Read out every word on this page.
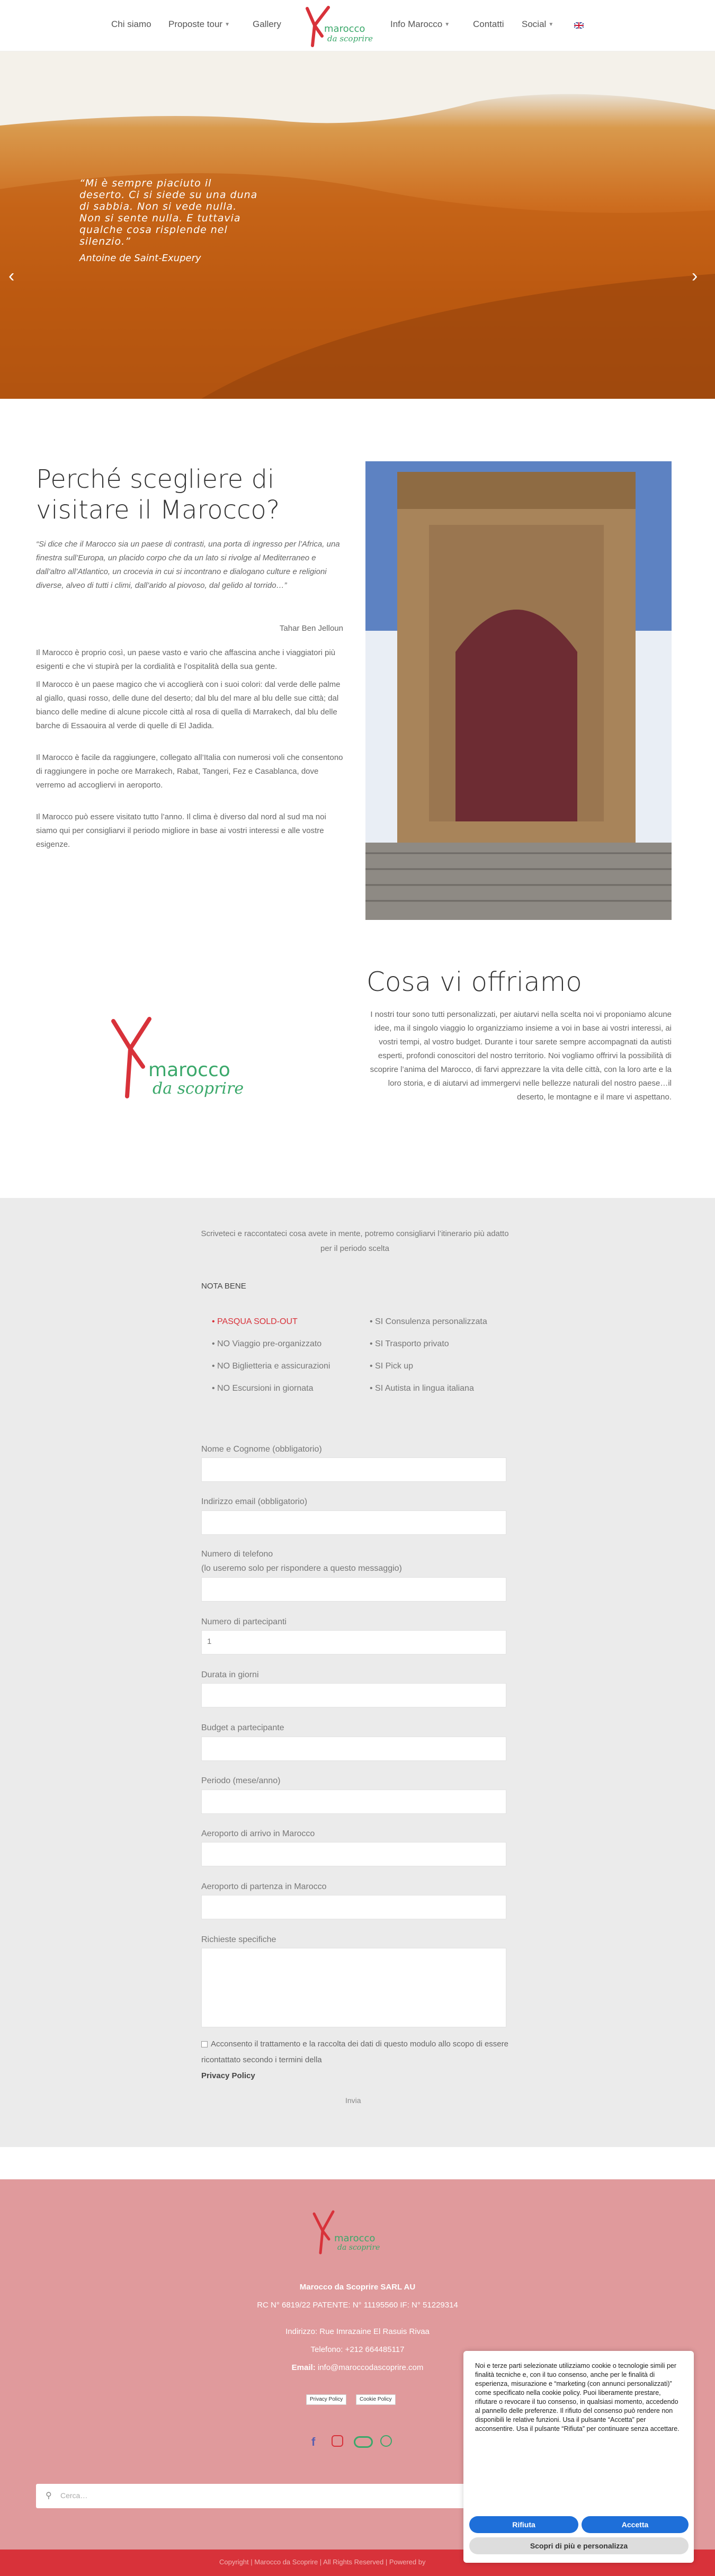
Chi siamo Proposte tour ▼	Gallery	marocco
da scoprire
Info Marocco ▼	Contatti Social ▼
“Mi è sempre piaciuto il deserto. Ci si siede su una duna di sabbia. Non si vede nulla. Non si sente nulla. E tuttavia qualche cosa risplende nel silenzio.”
Antoine de Saint-Exupery
‹	›
Perché scegliere di visitare il Marocco?
“Si dice che il Marocco sia un paese di contrasti, una porta di ingresso per l’Africa, una finestra sull’Europa, un placido corpo che da un lato si rivolge al Mediterraneo e dall’altro all’Atlantico, un crocevia in cui si incontrano e dialogano culture e religioni diverse, alveo di tutti i climi, dall’arido al piovoso, dal gelido al torrido…”
Tahar Ben Jelloun
Il Marocco è proprio così, un paese vasto e vario che affascina anche i viaggiatori più esigenti e che vi stupirà per la cordialità e l’ospitalità della sua gente.
Il Marocco è un paese magico che vi accoglierà con i suoi colori: dal verde delle palme al giallo, quasi rosso, delle dune del deserto; dal blu del mare al blu delle sue città; dal bianco delle medine di alcune piccole città al rosa di quella di Marrakech, dal blu delle barche di Essaouira al verde di quelle di El Jadida.
Il Marocco è facile da raggiungere, collegato all’Italia con numerosi voli che consentono di raggiungere in poche ore Marrakech, Rabat, Tangeri, Fez e Casablanca, dove verremo ad accogliervi in aeroporto.
Il Marocco può essere visitato tutto l’anno. Il clima è diverso dal nord al sud ma noi siamo qui per consigliarvi il periodo migliore in base ai vostri interessi e alle vostre esigenze.
marocco
da scoprire
Cosa vi offriamo
I nostri tour sono tutti personalizzati, per aiutarvi nella scelta noi vi proponiamo alcune idee, ma il singolo viaggio lo organizziamo insieme a voi in base ai vostri interessi, ai vostri tempi, al vostro budget. Durante i tour sarete sempre accompagnati da autisti esperti, profondi conoscitori del nostro territorio. Noi vogliamo offrirvi la possibilità di scoprire l’anima del Marocco, di farvi apprezzare la vita delle città, con la loro arte e la loro storia, e di aiutarvi ad immergervi nelle bellezze naturali del nostro paese…il deserto, le montagne e il mare vi aspettano.
Scriveteci e raccontateci cosa avete in mente, potremo consigliarvi l’itinerario più adatto per il periodo scelta
NOTA BENE
• PASQUA SOLD-OUT
• NO Viaggio pre-organizzato
• NO Biglietteria e assicurazioni
• NO Escursioni in giornata
• SI Consulenza personalizzata
• SI Trasporto privato
• SI Pick up
• SI Autista in lingua italiana
Nome e Cognome (obbligatorio)
Indirizzo email (obbligatorio)
Numero di telefono
(lo useremo solo per rispondere a questo messaggio)
Numero di partecipanti
1
Durata in giorni
Budget a partecipante
Periodo (mese/anno)
Aeroporto di arrivo in Marocco
Aeroporto di partenza in Marocco
Richieste specifiche
Acconsento il trattamento e la raccolta dei dati di questo modulo allo scopo di essere ricontattato secondo i termini della
Privacy Policy
Invia
marocco
da scoprire
Marocco da Scoprire SARL AU
RC N° 6819/22 PATENTE: N° 11195560 IF: N° 51229314
Indirizzo: Rue Imrazaine El Rasuis Rivaa
Telefono: +212 664485117
Email: info@maroccodascoprire.com
Privacy Policy	Cookie Policy
f
⚲ Cerca…
Copyright | Marocco da Scoprire | All Rights Reserved | Powered by
Noi e terze parti selezionate utilizziamo cookie o tecnologie simili per finalità tecniche e, con il tuo consenso, anche per le finalità di esperienza, misurazione e “marketing (con annunci personalizzati)” come specificato nella cookie policy. Puoi liberamente prestare, rifiutare o revocare il tuo consenso, in qualsiasi momento, accedendo al pannello delle preferenze. Il rifiuto del consenso può rendere non disponibili le relative funzioni. Usa il pulsante “Accetta” per acconsentire. Usa il pulsante “Rifiuta” per continuare senza accettare.
Rifiuta	Accetta
Scopri di più e personalizza
